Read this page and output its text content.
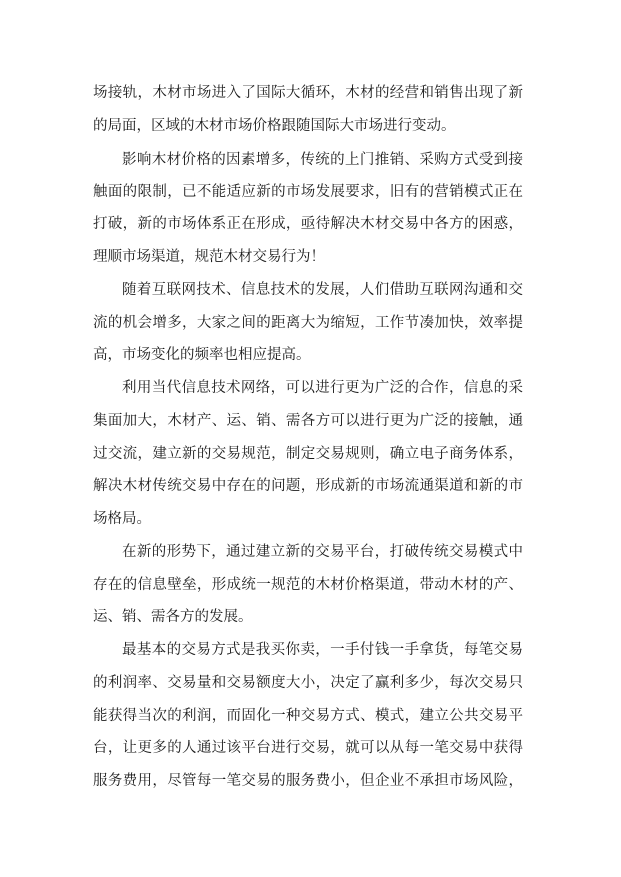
场接轨，木材市场进入了国际大循环，木材的经营和销售出现了新
的局面，区域的木材市场价格跟随国际大市场进行变动。
影响木材价格的因素增多，传统的上门推销、采购方式受到接
触面的限制，已不能适应新的市场发展要求，旧有的营销模式正在
打破，新的市场体系正在形成，亟待解决木材交易中各方的困惑，
理顺市场渠道，规范木材交易行为！
随着互联网技术、信息技术的发展，人们借助互联网沟通和交
流的机会增多，大家之间的距离大为缩短，工作节凑加快，效率提
高，市场变化的频率也相应提高。
利用当代信息技术网络，可以进行更为广泛的合作，信息的采
集面加大，木材产、运、销、需各方可以进行更为广泛的接触，通
过交流，建立新的交易规范，制定交易规则，确立电子商务体系，
解决木材传统交易中存在的问题，形成新的市场流通渠道和新的市
场格局。
在新的形势下，通过建立新的交易平台，打破传统交易模式中
存在的信息壁垒，形成统一规范的木材价格渠道，带动木材的产、
运、销、需各方的发展。
最基本的交易方式是我买你卖，一手付钱一手拿货，每笔交易
的利润率、交易量和交易额度大小，决定了赢利多少，每次交易只
能获得当次的利润，而固化一种交易方式、模式，建立公共交易平
台，让更多的人通过该平台进行交易，就可以从每一笔交易中获得
服务费用，尽管每一笔交易的服务费小，但企业不承担市场风险，
